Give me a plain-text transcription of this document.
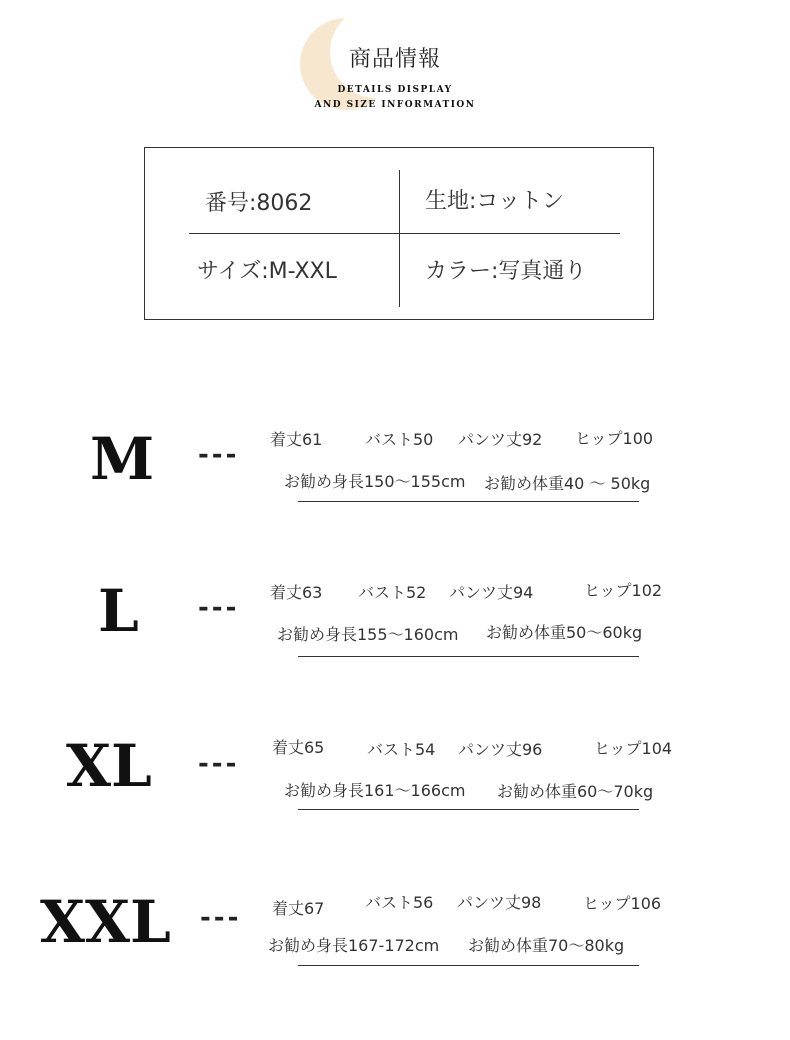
商品情報
DETAILS DISPLAY
AND SIZE INFORMATION
番号:8062	生地:コットン
サイズ:M-XXL	カラー:写真通り
M ---
着丈61	バスト50 パンツ丈92 ヒップ100
お勧め身長150〜155cm お勧め体重40 〜 50kg
L ---
着丈63 バスト52 パンツ丈94	ヒップ102
お勧め身長155〜160cm お勧め体重50〜60kg
XL ---
着丈65	バスト54 パンツ丈96	ヒップ104
お勧め身長161〜166cm お勧め体重60〜70kg
XXL --- 着丈67	バスト56 パンツ丈98	ヒップ106
お勧め身長167-172cm お勧め体重70〜80kg
